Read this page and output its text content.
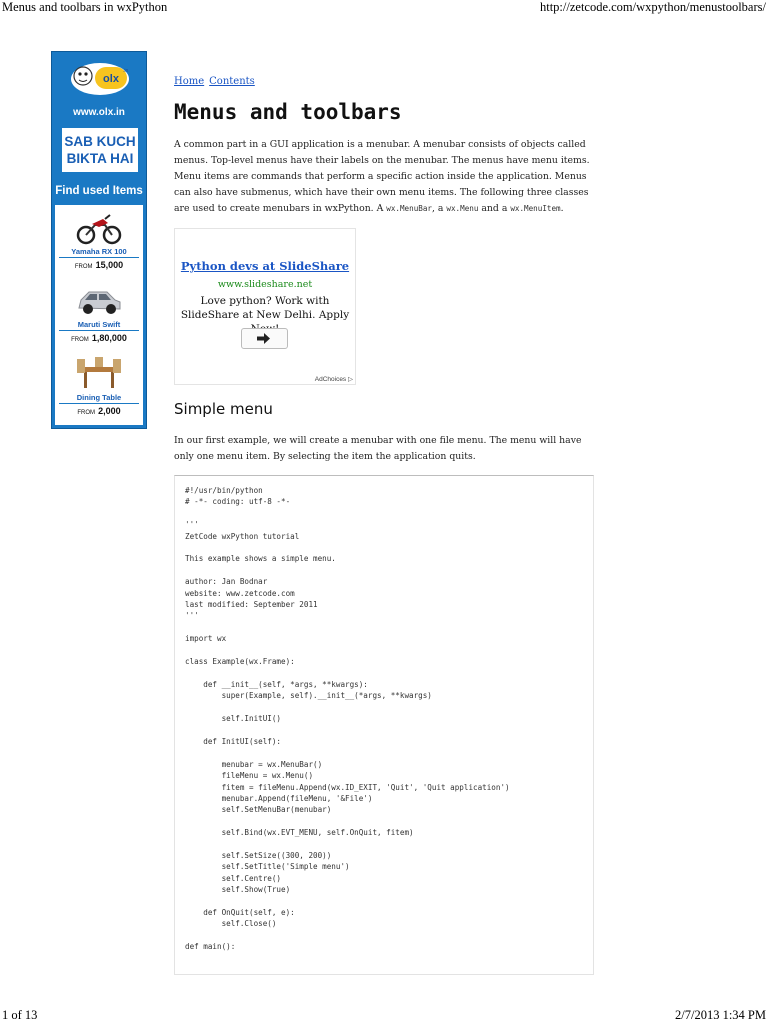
Menus and toolbars in wxPython	http://zetcode.com/wxpython/menustoolbars/
olx
.in
www.olx.in
SAB KUCH BIKTA HAI
Find used Items
Yamaha RX 100
FROM 15,000
Maruti Swift
FROM 1,80,000
Dining Table
FROM 2,000
Home Contents
Menus and toolbars

A common part in a GUI application is a menubar. A menubar consists of objects called menus. Top-level menus have their labels on the menubar. The menus have menu items. Menu items are commands that perform a specific action inside the application. Menus can also have submenus, which have their own menu items. The following three classes are used to create menubars in wxPython. A wx.MenuBar, a wx.Menu and a wx.MenuItem.

Python devs at SlideShare
www.slideshare.net
Love python? Work with SlideShare at New Delhi. Apply
AdChoices ▷
Simple menu

In our first example, we will create a menubar with one file menu. The menu will have only one menu item. By selecting the item the application quits.

#!/usr/bin/python
# -*- coding: utf-8 -*-

'''
ZetCode wxPython tutorial

This example shows a simple menu.

author: Jan Bodnar
website: www.zetcode.com
last modified: September 2011
'''

import wx

class Example(wx.Frame):

def __init__(self, *args, **kwargs):
super(Example, self).__init__(*args, **kwargs)

self.InitUI()

def InitUI(self):

menubar = wx.MenuBar()
fileMenu = wx.Menu()
fitem = fileMenu.Append(wx.ID_EXIT, 'Quit', 'Quit application')
menubar.Append(fileMenu, '&File')
self.SetMenuBar(menubar)

self.Bind(wx.EVT_MENU, self.OnQuit, fitem)

self.SetSize((300, 200))
self.SetTitle('Simple menu')
self.Centre()
self.Show(True)

def OnQuit(self, e):
self.Close()

def main():
1 of 13	2/7/2013 1:34 PM
